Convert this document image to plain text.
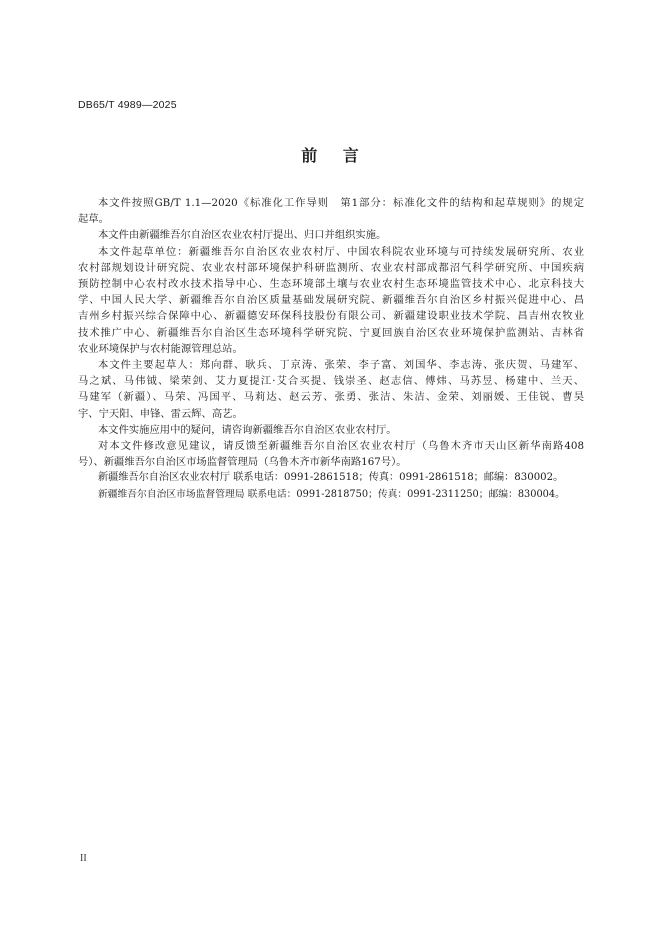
DB65/T 4989—2025
前 言
本文件按照GB/T 1.1—2020《标准化工作导则　第1部分：标准化文件的结构和起草规则》的规定
起草。
本文件由新疆维吾尔自治区农业农村厅提出、归口并组织实施。
本文件起草单位：新疆维吾尔自治区农业农村厅、中国农科院农业环境与可持续发展研究所、农业
农村部规划设计研究院、农业农村部环境保护科研监测所、农业农村部成都沼气科学研究所、中国疾病
预防控制中心农村改水技术指导中心、生态环境部土壤与农业农村生态环境监管技术中心、北京科技大
学、中国人民大学、新疆维吾尔自治区质量基础发展研究院、新疆维吾尔自治区乡村振兴促进中心、昌
吉州乡村振兴综合保障中心、新疆德安环保科技股份有限公司、新疆建设职业技术学院、昌吉州农牧业
技术推广中心、新疆维吾尔自治区生态环境科学研究院、宁夏回族自治区农业环境保护监测站、吉林省
农业环境保护与农村能源管理总站。
本文件主要起草人：郑向群、耿兵、丁京涛、张荣、李子富、刘国华、李志涛、张庆贺、马建军、
马之斌、马伟钺、梁荣剑、艾力夏提江·艾合买提、钱崇圣、赵志信、傅炜、马苏昱、杨建中、兰天、
马建军（新疆）、马荣、冯国平、马莉达、赵云芳、张勇、张洁、朱洁、金荣、刘丽媛、王佳锐、曹昊
宇、宁天阳、申锋、雷云辉、高艺。
本文件实施应用中的疑问，请咨询新疆维吾尔自治区农业农村厅。
对本文件修改意见建议，请反馈至新疆维吾尔自治区农业农村厅（乌鲁木齐市天山区新华南路408
号）、新疆维吾尔自治区市场监督管理局（乌鲁木齐市新华南路167号）。
新疆维吾尔自治区农业农村厅 联系电话：0991-2861518；传真：0991-2861518；邮编：830002。
新疆维吾尔自治区市场监督管理局 联系电话：0991-2818750；传真：0991-2311250；邮编：830004。
II
